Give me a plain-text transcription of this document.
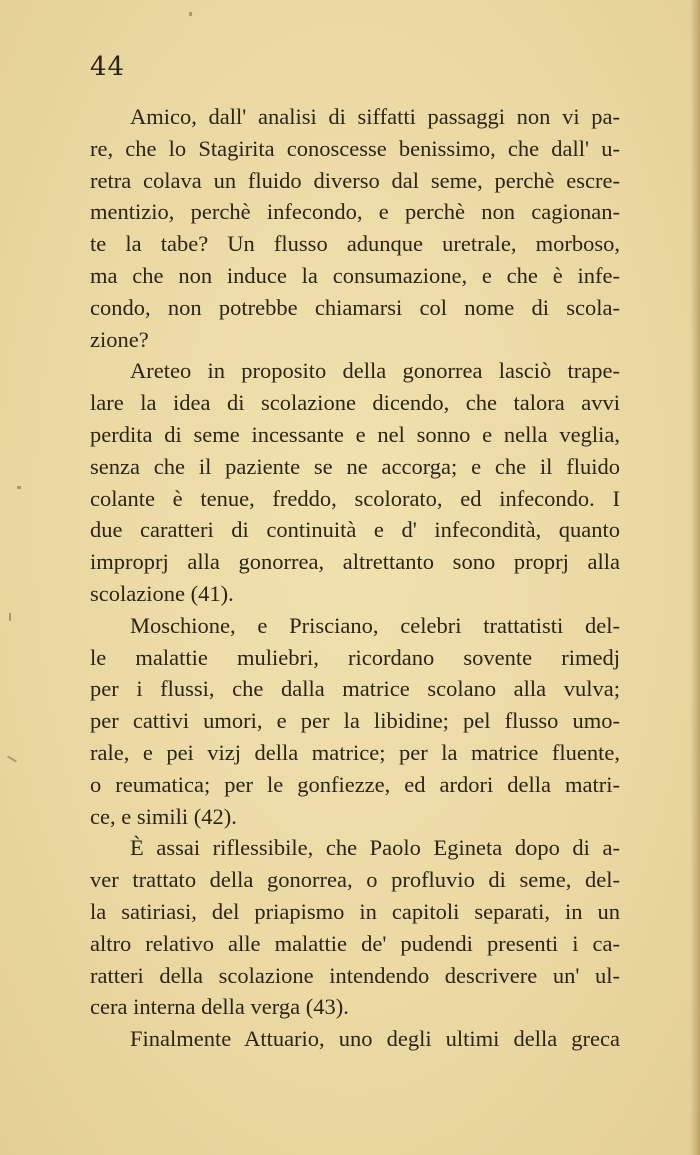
44
Amico, dall' analisi di siffatti passaggi non vi pa-
re, che lo Stagirita conoscesse benissimo, che dall' u-
retra colava un fluido diverso dal seme, perchè escre-
mentizio, perchè infecondo, e perchè non cagionan-
te la tabe? Un flusso adunque uretrale, morboso,
ma che non induce la consumazione, e che è infe-
condo, non potrebbe chiamarsi col nome di scola-
zione?
Areteo in proposito della gonorrea lasciò trape-
lare la idea di scolazione dicendo, che talora avvi
perdita di seme incessante e nel sonno e nella veglia,
senza che il paziente se ne accorga; e che il fluido
colante è tenue, freddo, scolorato, ed infecondo. I
due caratteri di continuità e d' infecondità, quanto
improprj alla gonorrea, altrettanto sono proprj alla
scolazione (41).
Moschione, e Prisciano, celebri trattatisti del-
le malattie muliebri, ricordano sovente rimedj
per i flussi, che dalla matrice scolano alla vulva;
per cattivi umori, e per la libidine; pel flusso umo-
rale, e pei vizj della matrice; per la matrice fluente,
o reumatica; per le gonfiezze, ed ardori della matri-
ce, e simili (42).
È assai riflessibile, che Paolo Egineta dopo di a-
ver trattato della gonorrea, o profluvio di seme, del-
la satiriasi, del priapismo in capitoli separati, in un
altro relativo alle malattie de' pudendi presenti i ca-
ratteri della scolazione intendendo descrivere un' ul-
cera interna della verga (43).
Finalmente Attuario, uno degli ultimi della greca
